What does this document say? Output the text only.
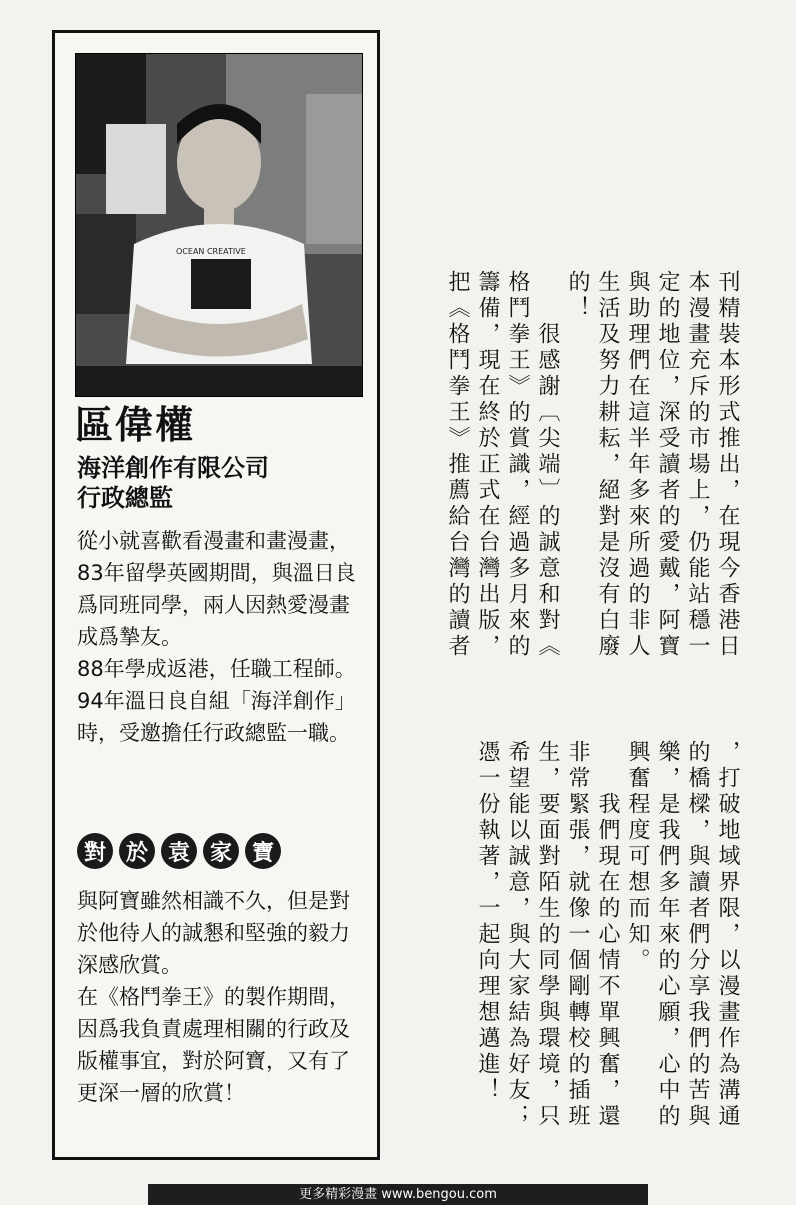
OCEAN CREATIVE
區偉權
海洋創作有限公司
行政總監

從小就喜歡看漫畫和畫漫畫，83年留學英國期間，與溫日良爲同班同學，兩人因熱愛漫畫成爲摯友。

88年學成返港，任職工程師。

94年溫日良自組「海洋創作」時，受邀擔任行政總監一職。

對 於 袁 家 寶

與阿寶雖然相識不久，但是對於他待人的誠懇和堅強的毅力深感欣賞。

在《格鬥拳王》的製作期間，因爲我負責處理相關的行政及版權事宜，對於阿寶，又有了更深一層的欣賞！

刊精裝本形式推出，在現今香港日
本漫畫充斥的市場上，仍能站穩一
定的地位，深受讀者的愛戴，阿寶
與助理們在這半年多來所過的非人
生活及努力耕耘，絕對是沒有白廢
的！
　　很感謝〔尖端〕的誠意和對《
格鬥拳王》的賞識，經過多月來的
籌備，現在終於正式在台灣出版，
把《格鬥拳王》推薦給台灣的讀者
，打破地域界限，以漫畫作為溝通
的橋樑，與讀者們分享我們的苦與
樂，是我們多年來的心願，心中的
興奮程度可想而知。
　　我們現在的心情不單興奮，還
非常緊張，就像一個剛轉校的插班
生，要面對陌生的同學與環境，只
希望能以誠意，與大家結為好友；
憑一份執著，一起向理想邁進！
更多精彩漫畫 www.bengou.com
